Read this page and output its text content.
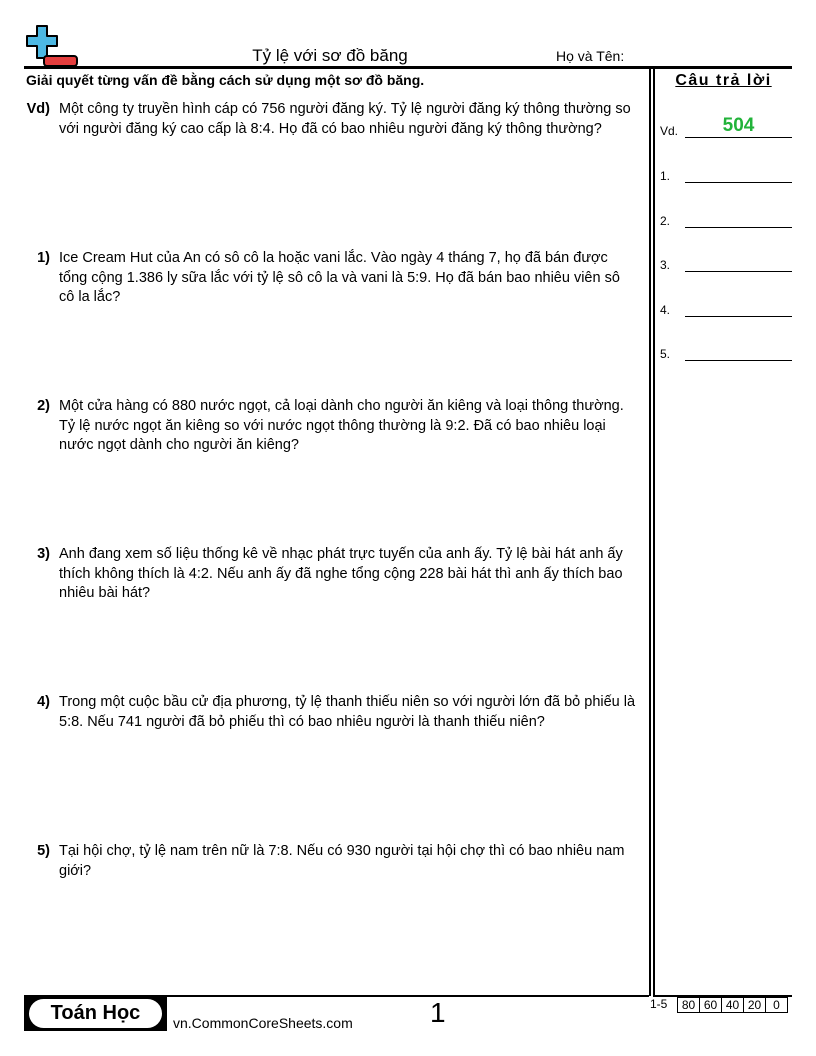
Tỷ lệ với sơ đồ băng	Họ và Tên:
Giải quyết từng vấn đề bằng cách sử dụng một sơ đồ băng.
Vd) Một công ty truyền hình cáp có 756 người đăng ký. Tỷ lệ người đăng ký thông thường so với người đăng ký cao cấp là 8:4. Họ đã có bao nhiêu người đăng ký thông thường?
1) Ice Cream Hut của An có sô cô la hoặc vani lắc. Vào ngày 4 tháng 7, họ đã bán được tổng cộng 1.386 ly sữa lắc với tỷ lệ sô cô la và vani là 5:9. Họ đã bán bao nhiêu viên sô cô la lắc?
2) Một cửa hàng có 880 nước ngọt, cả loại dành cho người ăn kiêng và loại thông thường. Tỷ lệ nước ngọt ăn kiêng so với nước ngọt thông thường là 9:2. Đã có bao nhiêu loại nước ngọt dành cho người ăn kiêng?
3) Anh đang xem số liệu thống kê về nhạc phát trực tuyến của anh ấy. Tỷ lệ bài hát anh ấy thích không thích là 4:2. Nếu anh ấy đã nghe tổng cộng 228 bài hát thì anh ấy thích bao nhiêu bài hát?
4) Trong một cuộc bầu cử địa phương, tỷ lệ thanh thiếu niên so với người lớn đã bỏ phiếu là 5:8. Nếu 741 người đã bỏ phiếu thì có bao nhiêu người là thanh thiếu niên?
5) Tại hội chợ, tỷ lệ nam trên nữ là 7:8. Nếu có 930 người tại hội chợ thì có bao nhiêu nam giới?
Câu trả lời
Vd.	504
1.
2.
3.
4.
5.
Toán Học	vn.CommonCoreSheets.com	1	1-5	80 60 40 20 0
